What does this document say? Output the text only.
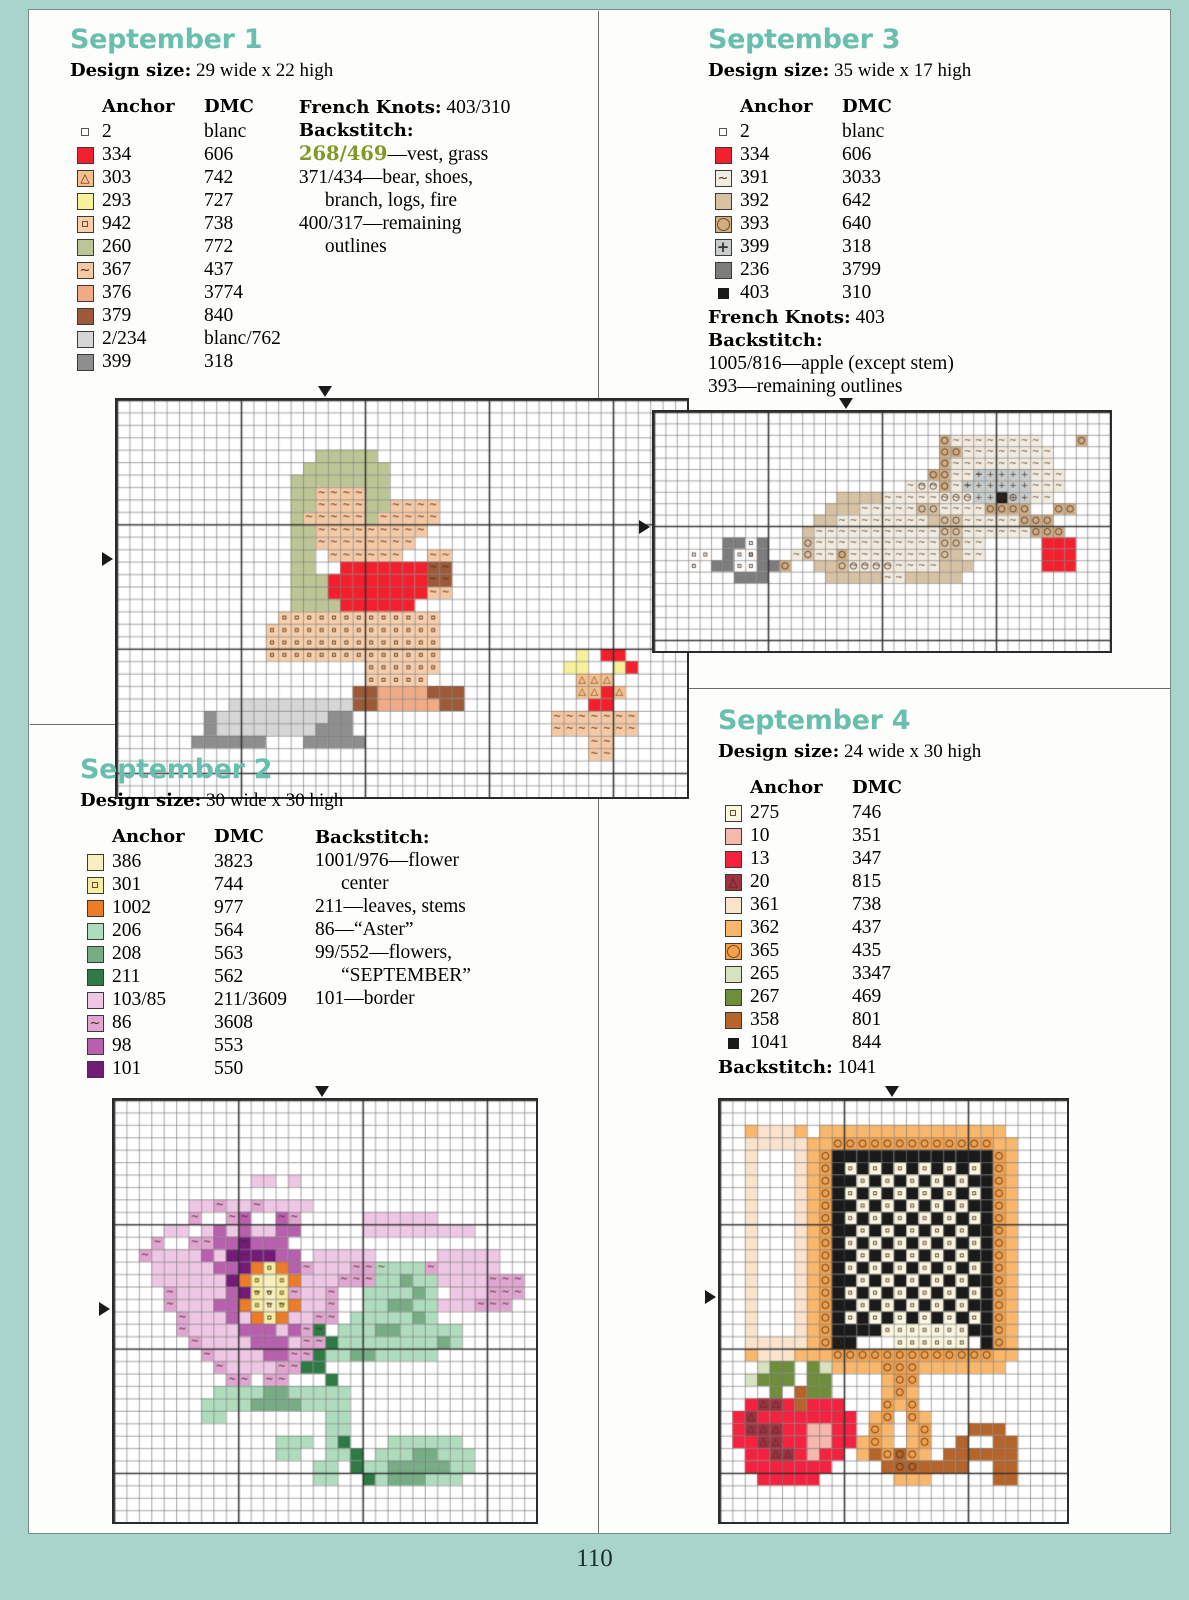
September 1
Design size: 29 wide x 22 high
	Anchor	DMC
	2	blanc
	334	606

△	303	742
	293	727

	942	738
	260	772

~	367	437
	376	3774
	379	840
	2/234	blanc/762
	399	318

French Knots: 403/310

Backstitch:

268/469—vest, grass

371/434—bear, shoes,
branch, logs, fire

400/317—remaining
outlines

September 3
Design size: 35 wide x 17 high
	Anchor	DMC
	2	blanc
	334	606

~	391	3033
	392	642

	393	640

+	399	318
	236	3799
	403	310

French Knots: 403

Backstitch:

1005/816—apple (except stem)

393—remaining outlines

September 2
Design size: 30 wide x 30 high
	Anchor	DMC
	386	3823

	301	744
	1002	977
	206	564
	208	563
	211	562
	103/85	211/3609

~	86	3608
	98	553
	101	550

Backstitch:

1001/976—flower
center

211—leaves, stems

86—“Aster”

99/552—flowers,
“SEPTEMBER”

101—border

September 4
Design size: 24 wide x 30 high
	Anchor	DMC

	275	746
	10	351
	13	347

△	20	815
	361	738
	362	437

	365	435
	265	3347
	267	469
	358	801
	1041	844

Backstitch: 1041

110
